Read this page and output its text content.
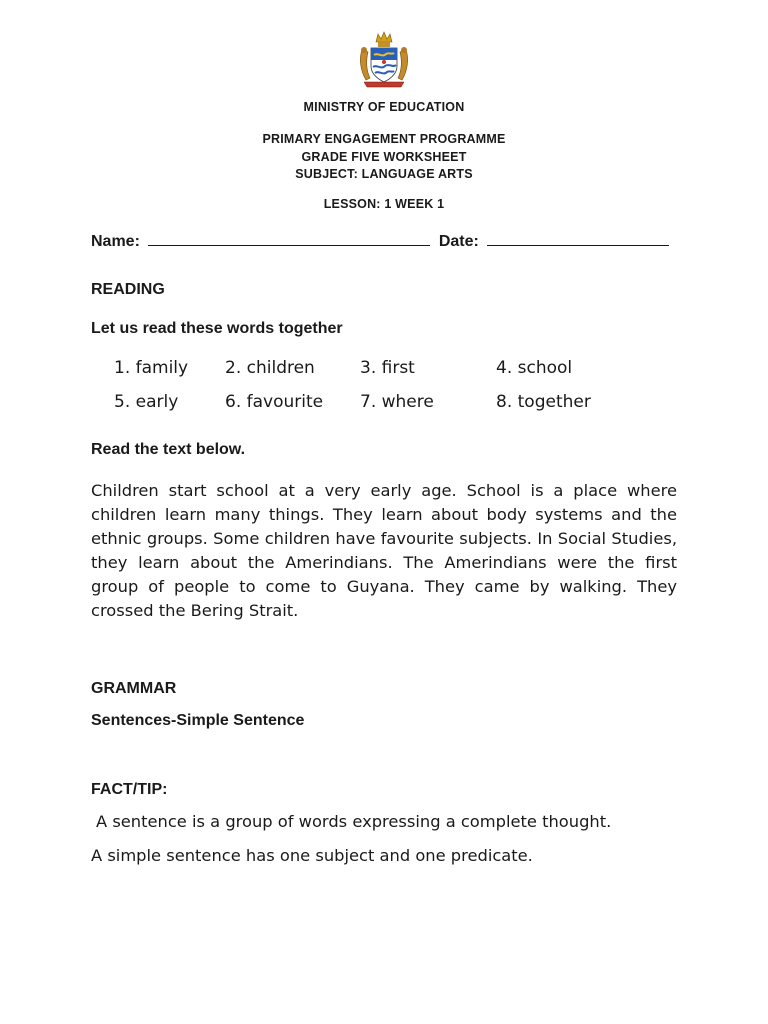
MINISTRY OF EDUCATION
PRIMARY ENGAGEMENT PROGRAMME
GRADE FIVE WORKSHEET
SUBJECT: LANGUAGE ARTS
LESSON: 1 WEEK 1
Name:	Date:
READING
Let us read these words together
1. family 2. children	3. first	4. school
5. early	6. favourite 7. where	8. together
Read the text below.

Children start school at a very early age. School is a place where children learn many things. They learn about body systems and the ethnic groups. Some children have favourite subjects. In Social Studies, they learn about the Amerindians. The Amerindians were the first group of people to come to Guyana. They came by walking. They crossed the Bering Strait.

GRAMMAR
Sentences-Simple Sentence
FACT/TIP:
A sentence is a group of words expressing a complete thought.
A simple sentence has one subject and one predicate.
